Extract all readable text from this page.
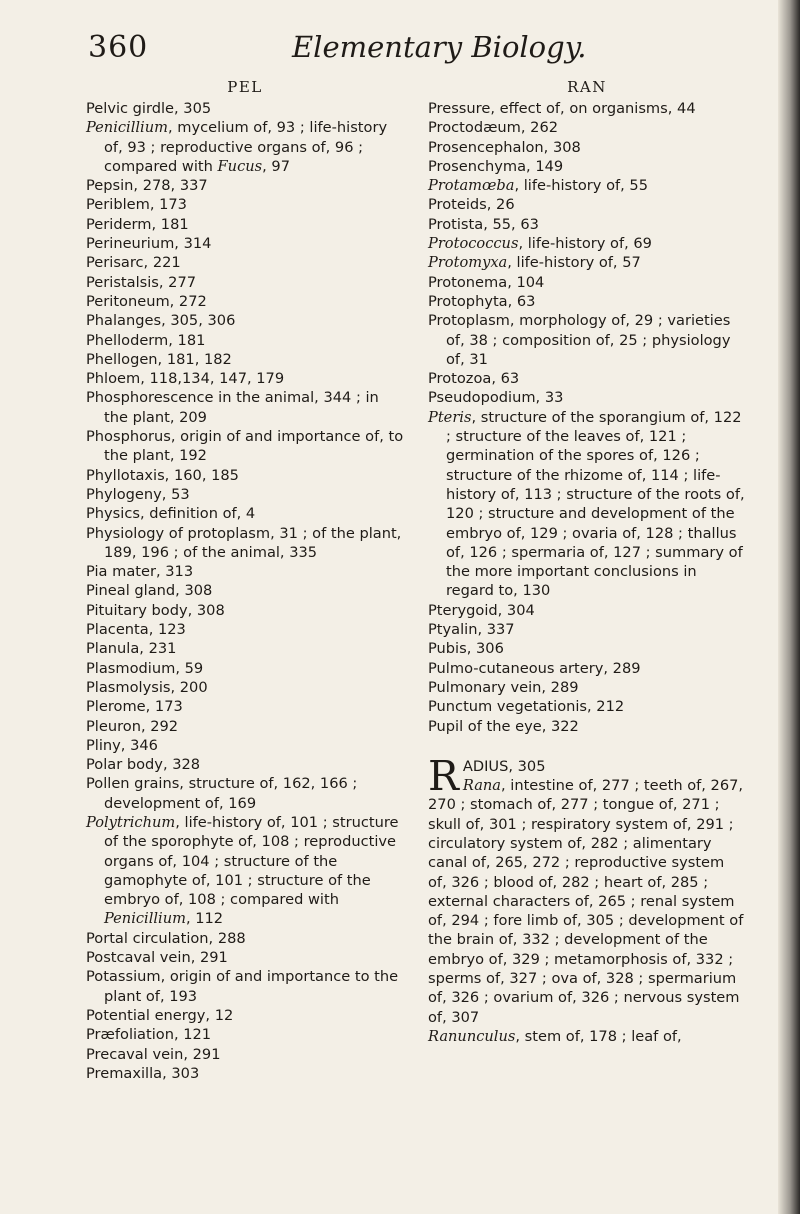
360	Elementary Biology.
PEL

Pelvic girdle, 305

Penicillium, mycelium of, 93 ; life-history of, 93 ; reproductive organs of, 96 ; compared with Fucus, 97

Pepsin, 278, 337

Periblem, 173

Periderm, 181

Perineurium, 314

Perisarc, 221

Peristalsis, 277

Peritoneum, 272

Phalanges, 305, 306

Phelloderm, 181

Phellogen, 181, 182

Phloem, 118,134, 147, 179

Phosphorescence in the animal, 344 ; in the plant, 209

Phosphorus, origin of and importance of, to the plant, 192

Phyllotaxis, 160, 185

Phylogeny, 53

Physics, definition of, 4

Physiology of protoplasm, 31 ; of the plant, 189, 196 ; of the animal, 335

Pia mater, 313

Pineal gland, 308

Pituitary body, 308

Placenta, 123

Planula, 231

Plasmodium, 59

Plasmolysis, 200

Plerome, 173

Pleuron, 292

Pliny, 346

Polar body, 328

Pollen grains, structure of, 162, 166 ; development of, 169

Polytrichum, life-history of, 101 ; structure of the sporophyte of, 108 ; reproductive organs of, 104 ; structure of the gamophyte of, 101 ; structure of the embryo of, 108 ; compared with Penicillium, 112

Portal circulation, 288

Postcaval vein, 291

Potassium, origin of and importance to the plant of, 193

Potential energy, 12

Præfoliation, 121

Precaval vein, 291

Premaxilla, 303

RAN

Pressure, effect of, on organisms, 44

Proctodæum, 262

Prosencephalon, 308

Prosenchyma, 149

Protamœba, life-history of, 55

Proteids, 26

Protista, 55, 63

Protococcus, life-history of, 69

Protomyxa, life-history of, 57

Protonema, 104

Protophyta, 63

Protoplasm, morphology of, 29 ; varieties of, 38 ; composition of, 25 ; physiology of, 31

Protozoa, 63

Pseudopodium, 33

Pteris, structure of the sporangium of, 122 ; structure of the leaves of, 121 ; germination of the spores of, 126 ; structure of the rhizome of, 114 ; life-history of, 113 ; structure of the roots of, 120 ; structure and development of the embryo of, 129 ; ovaria of, 128 ; thallus of, 126 ; spermaria of, 127 ; summary of the more important conclusions in regard to, 130

Pterygoid, 304

Ptyalin, 337

Pubis, 306

Pulmo-cutaneous artery, 289

Pulmonary vein, 289

Punctum vegetationis, 212

Pupil of the eye, 322

R ADIUS, 305
Rana, intestine of, 277 ; teeth of, 267, 270 ; stomach of, 277 ; tongue of, 271 ; skull of, 301 ; respiratory system of, 291 ; circulatory system of, 282 ; alimentary canal of, 265, 272 ; reproductive system of, 326 ; blood of, 282 ; heart of, 285 ; external characters of, 265 ; renal system of, 294 ; fore limb of, 305 ; development of the brain of, 332 ; development of the embryo of, 329 ; metamorphosis of, 332 ; sperms of, 327 ; ova of, 328 ; spermarium of, 326 ; ovarium of, 326 ; nervous system of, 307
Ranunculus, stem of, 178 ; leaf of,
